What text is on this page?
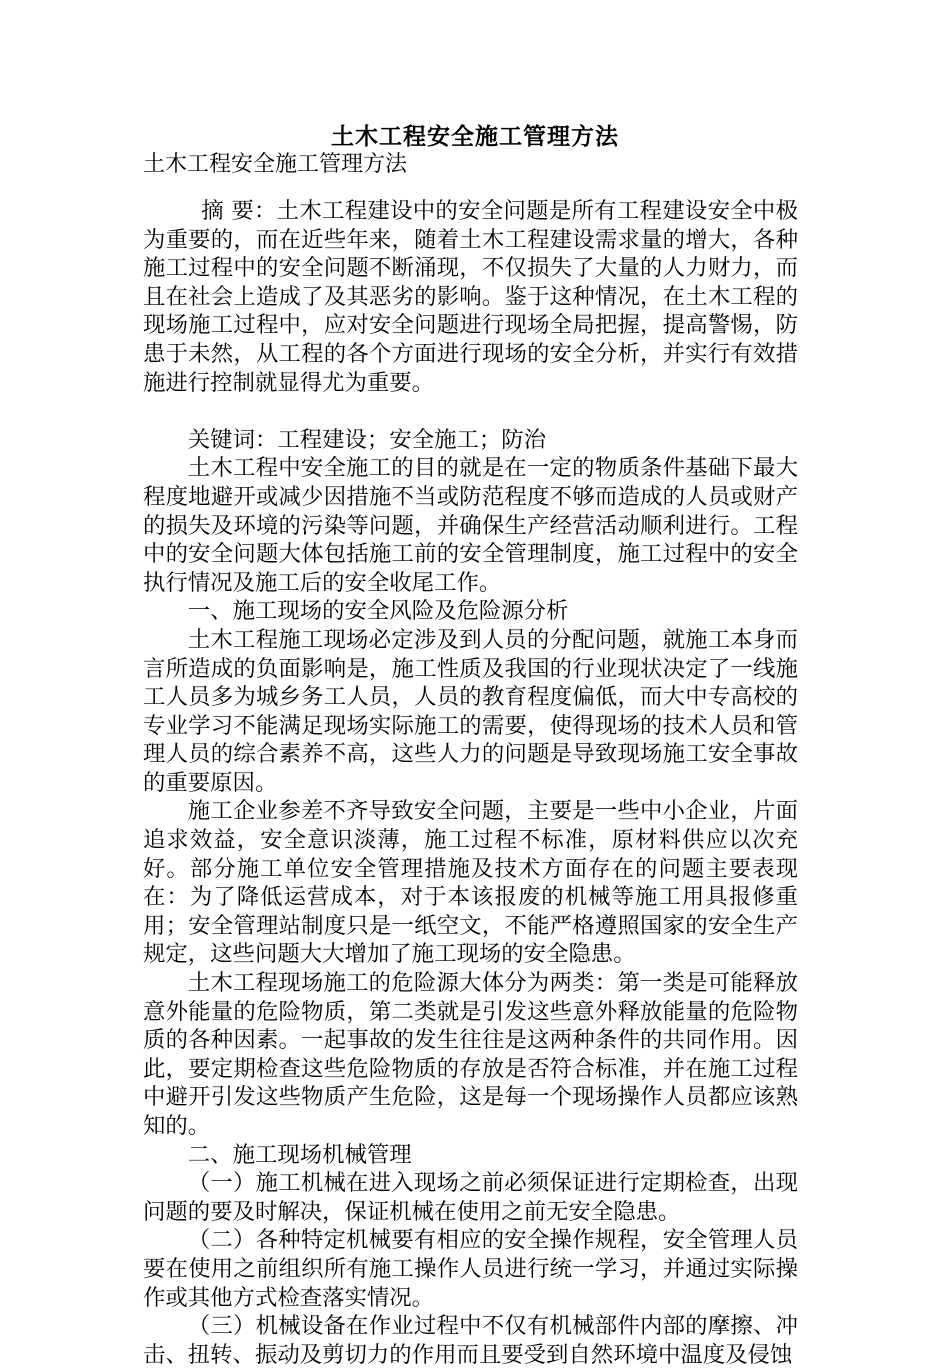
土木工程安全施工管理方法
土木工程安全施工管理方法

摘 要：土木工程建设中的安全问题是所有工程建设安全中极为重要的，而在近些年来，随着土木工程建设需求量的增大，各种施工过程中的安全问题不断涌现，不仅损失了大量的人力财力，而且在社会上造成了及其恶劣的影响。鉴于这种情况，在土木工程的现场施工过程中，应对安全问题进行现场全局把握，提高警惕，防患于未然，从工程的各个方面进行现场的安全分析，并实行有效措施进行控制就显得尤为重要。

关键词：工程建设；安全施工；防治

土木工程中安全施工的目的就是在一定的物质条件基础下最大程度地避开或减少因措施不当或防范程度不够而造成的人员或财产的损失及环境的污染等问题，并确保生产经营活动顺利进行。工程中的安全问题大体包括施工前的安全管理制度，施工过程中的安全执行情况及施工后的安全收尾工作。

一、施工现场的安全风险及危险源分析

土木工程施工现场必定涉及到人员的分配问题，就施工本身而言所造成的负面影响是，施工性质及我国的行业现状决定了一线施工人员多为城乡务工人员，人员的教育程度偏低，而大中专高校的专业学习不能满足现场实际施工的需要，使得现场的技术人员和管理人员的综合素养不高，这些人力的问题是导致现场施工安全事故的重要原因。

施工企业参差不齐导致安全问题，主要是一些中小企业，片面追求效益，安全意识淡薄，施工过程不标准，原材料供应以次充好。部分施工单位安全管理措施及技术方面存在的问题主要表现在：为了降低运营成本，对于本该报废的机械等施工用具报修重用；安全管理站制度只是一纸空文，不能严格遵照国家的安全生产规定，这些问题大大增加了施工现场的安全隐患。

土木工程现场施工的危险源大体分为两类：第一类是可能释放意外能量的危险物质，第二类就是引发这些意外释放能量的危险物质的各种因素。一起事故的发生往往是这两种条件的共同作用。因此，要定期检查这些危险物质的存放是否符合标准，并在施工过程中避开引发这些物质产生危险，这是每一个现场操作人员都应该熟知的。

二、施工现场机械管理

（一）施工机械在进入现场之前必须保证进行定期检查，出现问题的要及时解决，保证机械在使用之前无安全隐患。

（二）各种特定机械要有相应的安全操作规程，安全管理人员要在使用之前组织所有施工操作人员进行统一学习，并通过实际操作或其他方式检查落实情况。

（三）机械设备在作业过程中不仅有机械部件内部的摩擦、冲击、扭转、振动及剪切力的作用而且要受到自然环境中温度及侵蚀
